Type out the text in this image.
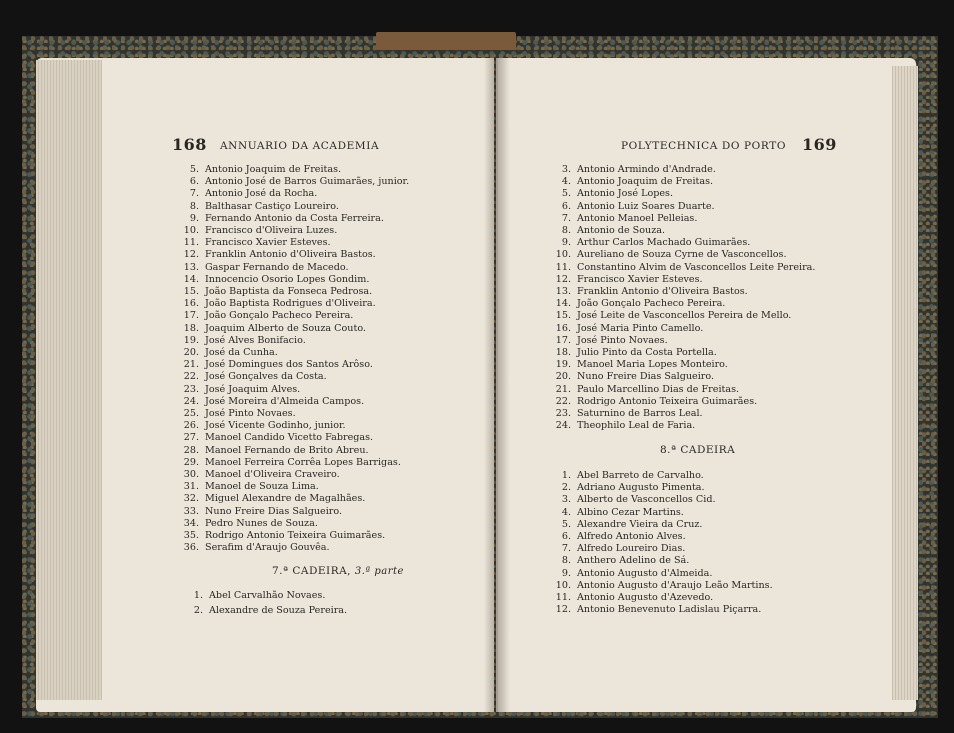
168 ANNUARIO DA ACADEMIA	POLYTECHNICA DO PORTO 169
5. Antonio Joaquim de Freitas.
6. Antonio José de Barros Guimarães, junior.
7. Antonio José da Rocha.
8. Balthasar Castiço Loureiro.
9. Fernando Antonio da Costa Ferreira.
10. Francisco d'Oliveira Luzes.
11. Francisco Xavier Esteves.
12. Franklin Antonio d'Oliveira Bastos.
13. Gaspar Fernando de Macedo.
14. Innocencio Osorio Lopes Gondim.
15. João Baptista da Fonseca Pedrosa.
16. João Baptista Rodrigues d'Oliveira.
17. João Gonçalo Pacheco Pereira.
18. Joaquim Alberto de Souza Couto.
19. José Alves Bonifacio.
20. José da Cunha.
21. José Domingues dos Santos Arôso.
22. José Gonçalves da Costa.
23. José Joaquim Alves.
24. José Moreira d'Almeida Campos.
25. José Pinto Novaes.
26. José Vicente Godinho, junior.
27. Manoel Candido Vicetto Fabregas.
28. Manoel Fernando de Brito Abreu.
29. Manoel Ferreira Corrêa Lopes Barrigas.
30. Manoel d'Oliveira Craveiro.
31. Manoel de Souza Lima.
32. Miguel Alexandre de Magalhães.
33. Nuno Freire Dias Salgueiro.
34. Pedro Nunes de Souza.
35. Rodrigo Antonio Teixeira Guimarães.
36. Serafim d'Araujo Gouvêa.
7.ª CADEIRA, 3.ª parte
1. Abel Carvalhão Novaes.
2. Alexandre de Souza Pereira.
3. Antonio Armindo d'Andrade.
4. Antonio Joaquim de Freitas.
5. Antonio José Lopes.
6. Antonio Luiz Soares Duarte.
7. Antonio Manoel Pelleias.
8. Antonio de Souza.
9. Arthur Carlos Machado Guimarães.
10. Aureliano de Souza Cyrne de Vasconcellos.
11. Constantino Alvim de Vasconcellos Leite Pereira.
12. Francisco Xavier Esteves.
13. Franklin Antonio d'Oliveira Bastos.
14. João Gonçalo Pacheco Pereira.
15. José Leite de Vasconcellos Pereira de Mello.
16. José Maria Pinto Camello.
17. José Pinto Novaes.
18. Julio Pinto da Costa Portella.
19. Manoel Maria Lopes Monteiro.
20. Nuno Freire Dias Salgueiro.
21. Paulo Marcellino Dias de Freitas.
22. Rodrigo Antonio Teixeira Guimarães.
23. Saturnino de Barros Leal.
24. Theophilo Leal de Faria.
8.ª CADEIRA
1. Abel Barreto de Carvalho.
2. Adriano Augusto Pimenta.
3. Alberto de Vasconcellos Cid.
4. Albino Cezar Martins.
5. Alexandre Vieira da Cruz.
6. Alfredo Antonio Alves.
7. Alfredo Loureiro Dias.
8. Anthero Adelino de Sá.
9. Antonio Augusto d'Almeida.
10. Antonio Augusto d'Araujo Leão Martins.
11. Antonio Augusto d'Azevedo.
12. Antonio Benevenuto Ladislau Piçarra.
